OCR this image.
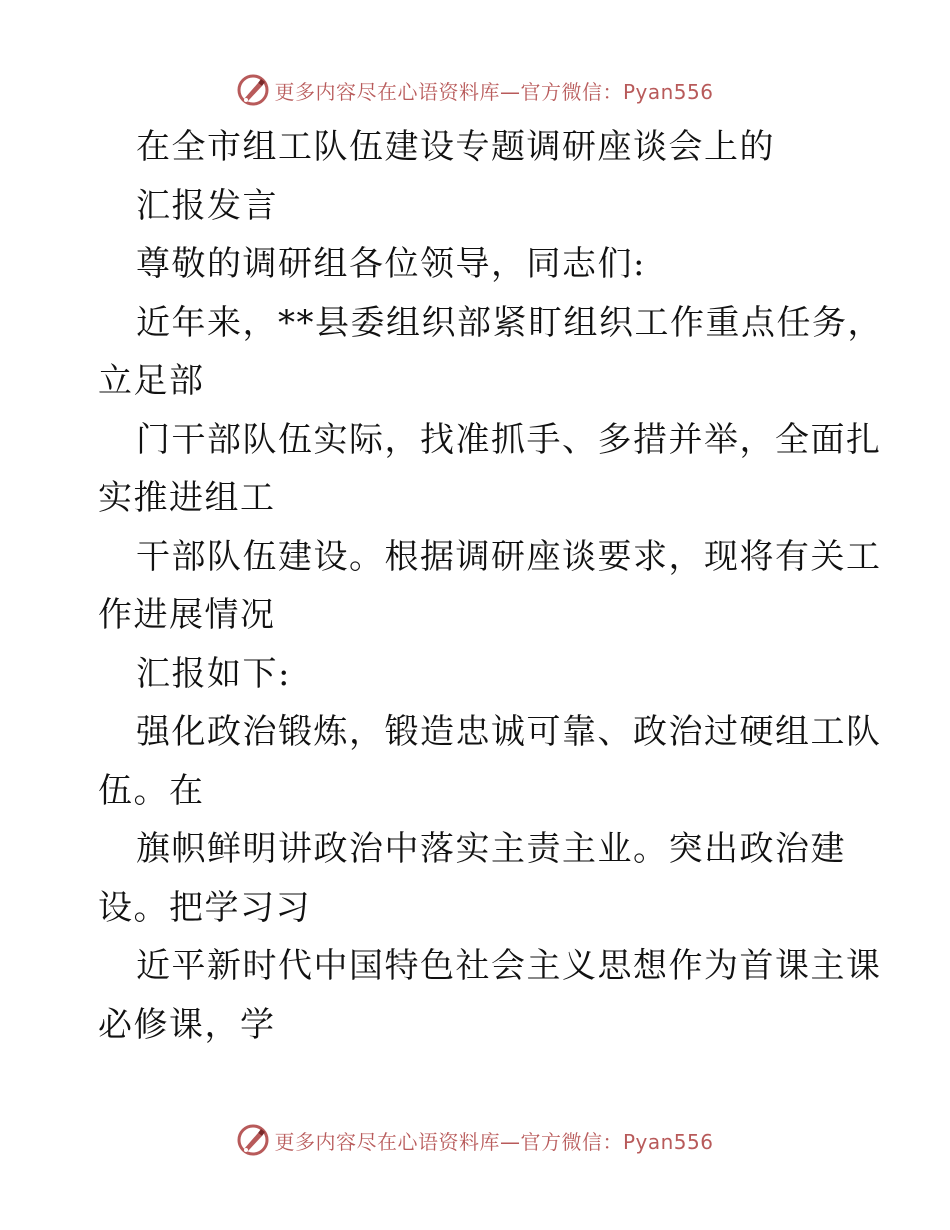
更多内容尽在心语资料库—官方微信：Pyan556
在全市组工队伍建设专题调研座谈会上的
汇报发言
尊敬的调研组各位领导，同志们:
近年来，**县委组织部紧盯组织工作重点任务，
立足部
门干部队伍实际，找准抓手、多措并举，全面扎
实推进组工
干部队伍建设。根据调研座谈要求，现将有关工
作进展情况
汇报如下:
强化政治锻炼，锻造忠诚可靠、政治过硬组工队
伍。在
旗帜鲜明讲政治中落实主责主业。突出政治建
设。把学习习
近平新时代中国特色社会主义思想作为首课主课
必修课，学
更多内容尽在心语资料库—官方微信：Pyan556
